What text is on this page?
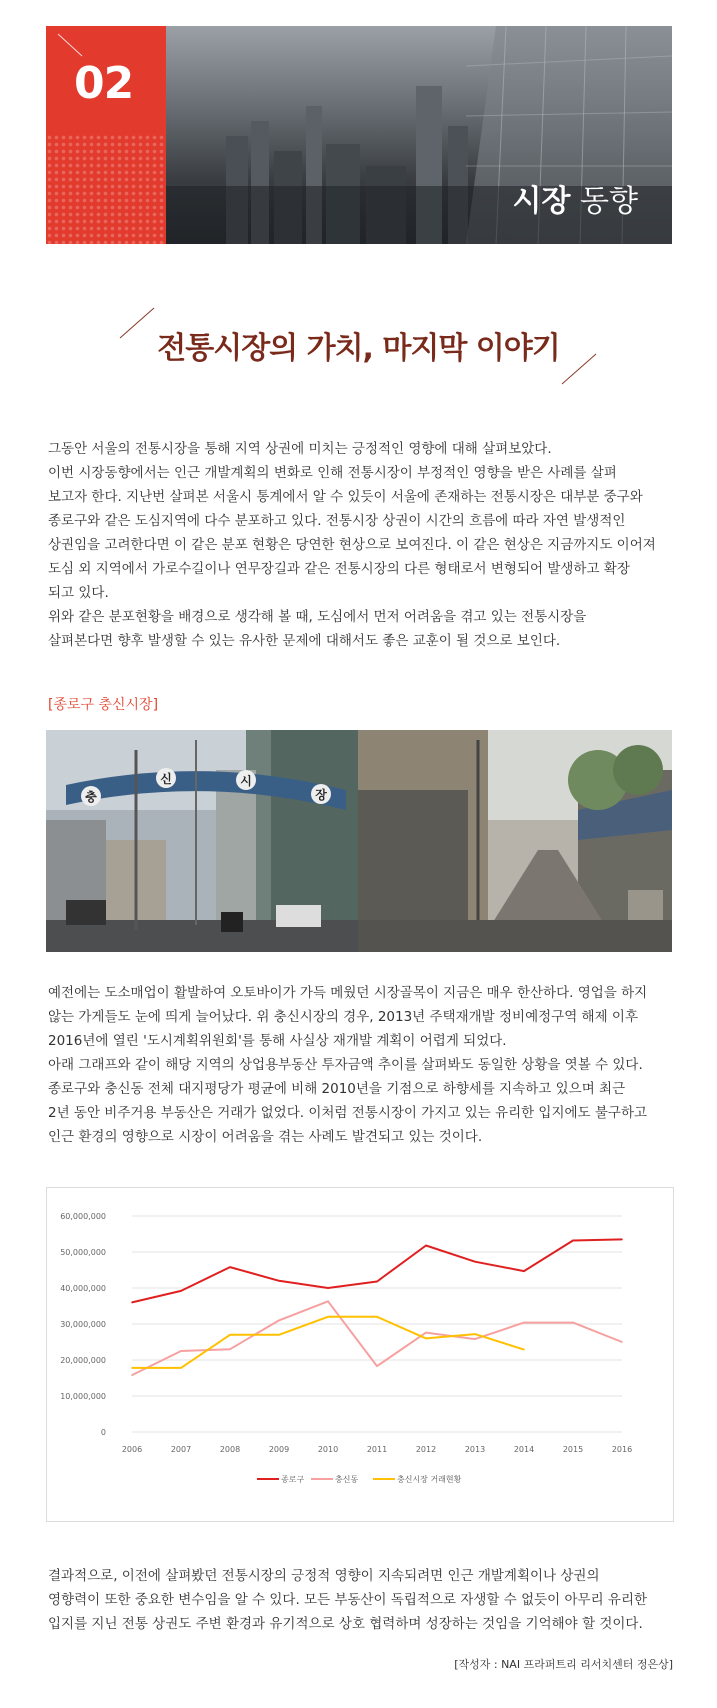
02
시장 동향
전통시장의 가치, 마지막 이야기

그동안 서울의 전통시장을 통해 지역 상권에 미치는 긍정적인 영향에 대해 살펴보았다.

이번 시장동향에서는 인근 개발계획의 변화로 인해 전통시장이 부정적인 영향을 받은 사례를 살펴

보고자 한다. 지난번 살펴본 서울시 통계에서 알 수 있듯이 서울에 존재하는 전통시장은 대부분 중구와

종로구와 같은 도심지역에 다수 분포하고 있다. 전통시장 상권이 시간의 흐름에 따라 자연 발생적인

상권임을 고려한다면 이 같은 분포 현황은 당연한 현상으로 보여진다. 이 같은 현상은 지금까지도 이어져

도심 외 지역에서 가로수길이나 연무장길과 같은 전통시장의 다른 형태로서 변형되어 발생하고 확장

되고 있다.

위와 같은 분포현황을 배경으로 생각해 볼 때, 도심에서 먼저 어려움을 겪고 있는 전통시장을

살펴본다면 향후 발생할 수 있는 유사한 문제에 대해서도 좋은 교훈이 될 것으로 보인다.

[종로구 충신시장]
충
신	시
장

예전에는 도소매업이 활발하여 오토바이가 가득 메웠던 시장골목이 지금은 매우 한산하다. 영업을 하지

않는 가게들도 눈에 띄게 늘어났다. 위 충신시장의 경우, 2013년 주택재개발 정비예정구역 해제 이후

2016년에 열린 '도시계획위원회'를 통해 사실상 재개발 계획이 어렵게 되었다.

아래 그래프와 같이 해당 지역의 상업용부동산 투자금액 추이를 살펴봐도 동일한 상황을 엿볼 수 있다.

종로구와 충신동 전체 대지평당가 평균에 비해 2010년을 기점으로 하향세를 지속하고 있으며 최근

2년 동안 비주거용 부동산은 거래가 없었다. 이처럼 전통시장이 가지고 있는 유리한 입지에도 불구하고

인근 환경의 영향으로 시장이 어려움을 겪는 사례도 발견되고 있는 것이다.

0
10,000,000
20,000,000
30,000,000
40,000,000
50,000,000
60,000,000
2006	2007	2008	2009	2010	2011	2012	2013	2014	2015	2016
종로구	충신동	충신시장 거래현황

결과적으로, 이전에 살펴봤던 전통시장의 긍정적 영향이 지속되려면 인근 개발계획이나 상권의

영향력이 또한 중요한 변수임을 알 수 있다. 모든 부동산이 독립적으로 자생할 수 없듯이 아무리 유리한

입지를 지닌 전통 상권도 주변 환경과 유기적으로 상호 협력하며 성장하는 것임을 기억해야 할 것이다.

[작성자 : NAI 프라퍼트리 리서치센터 정은상]
